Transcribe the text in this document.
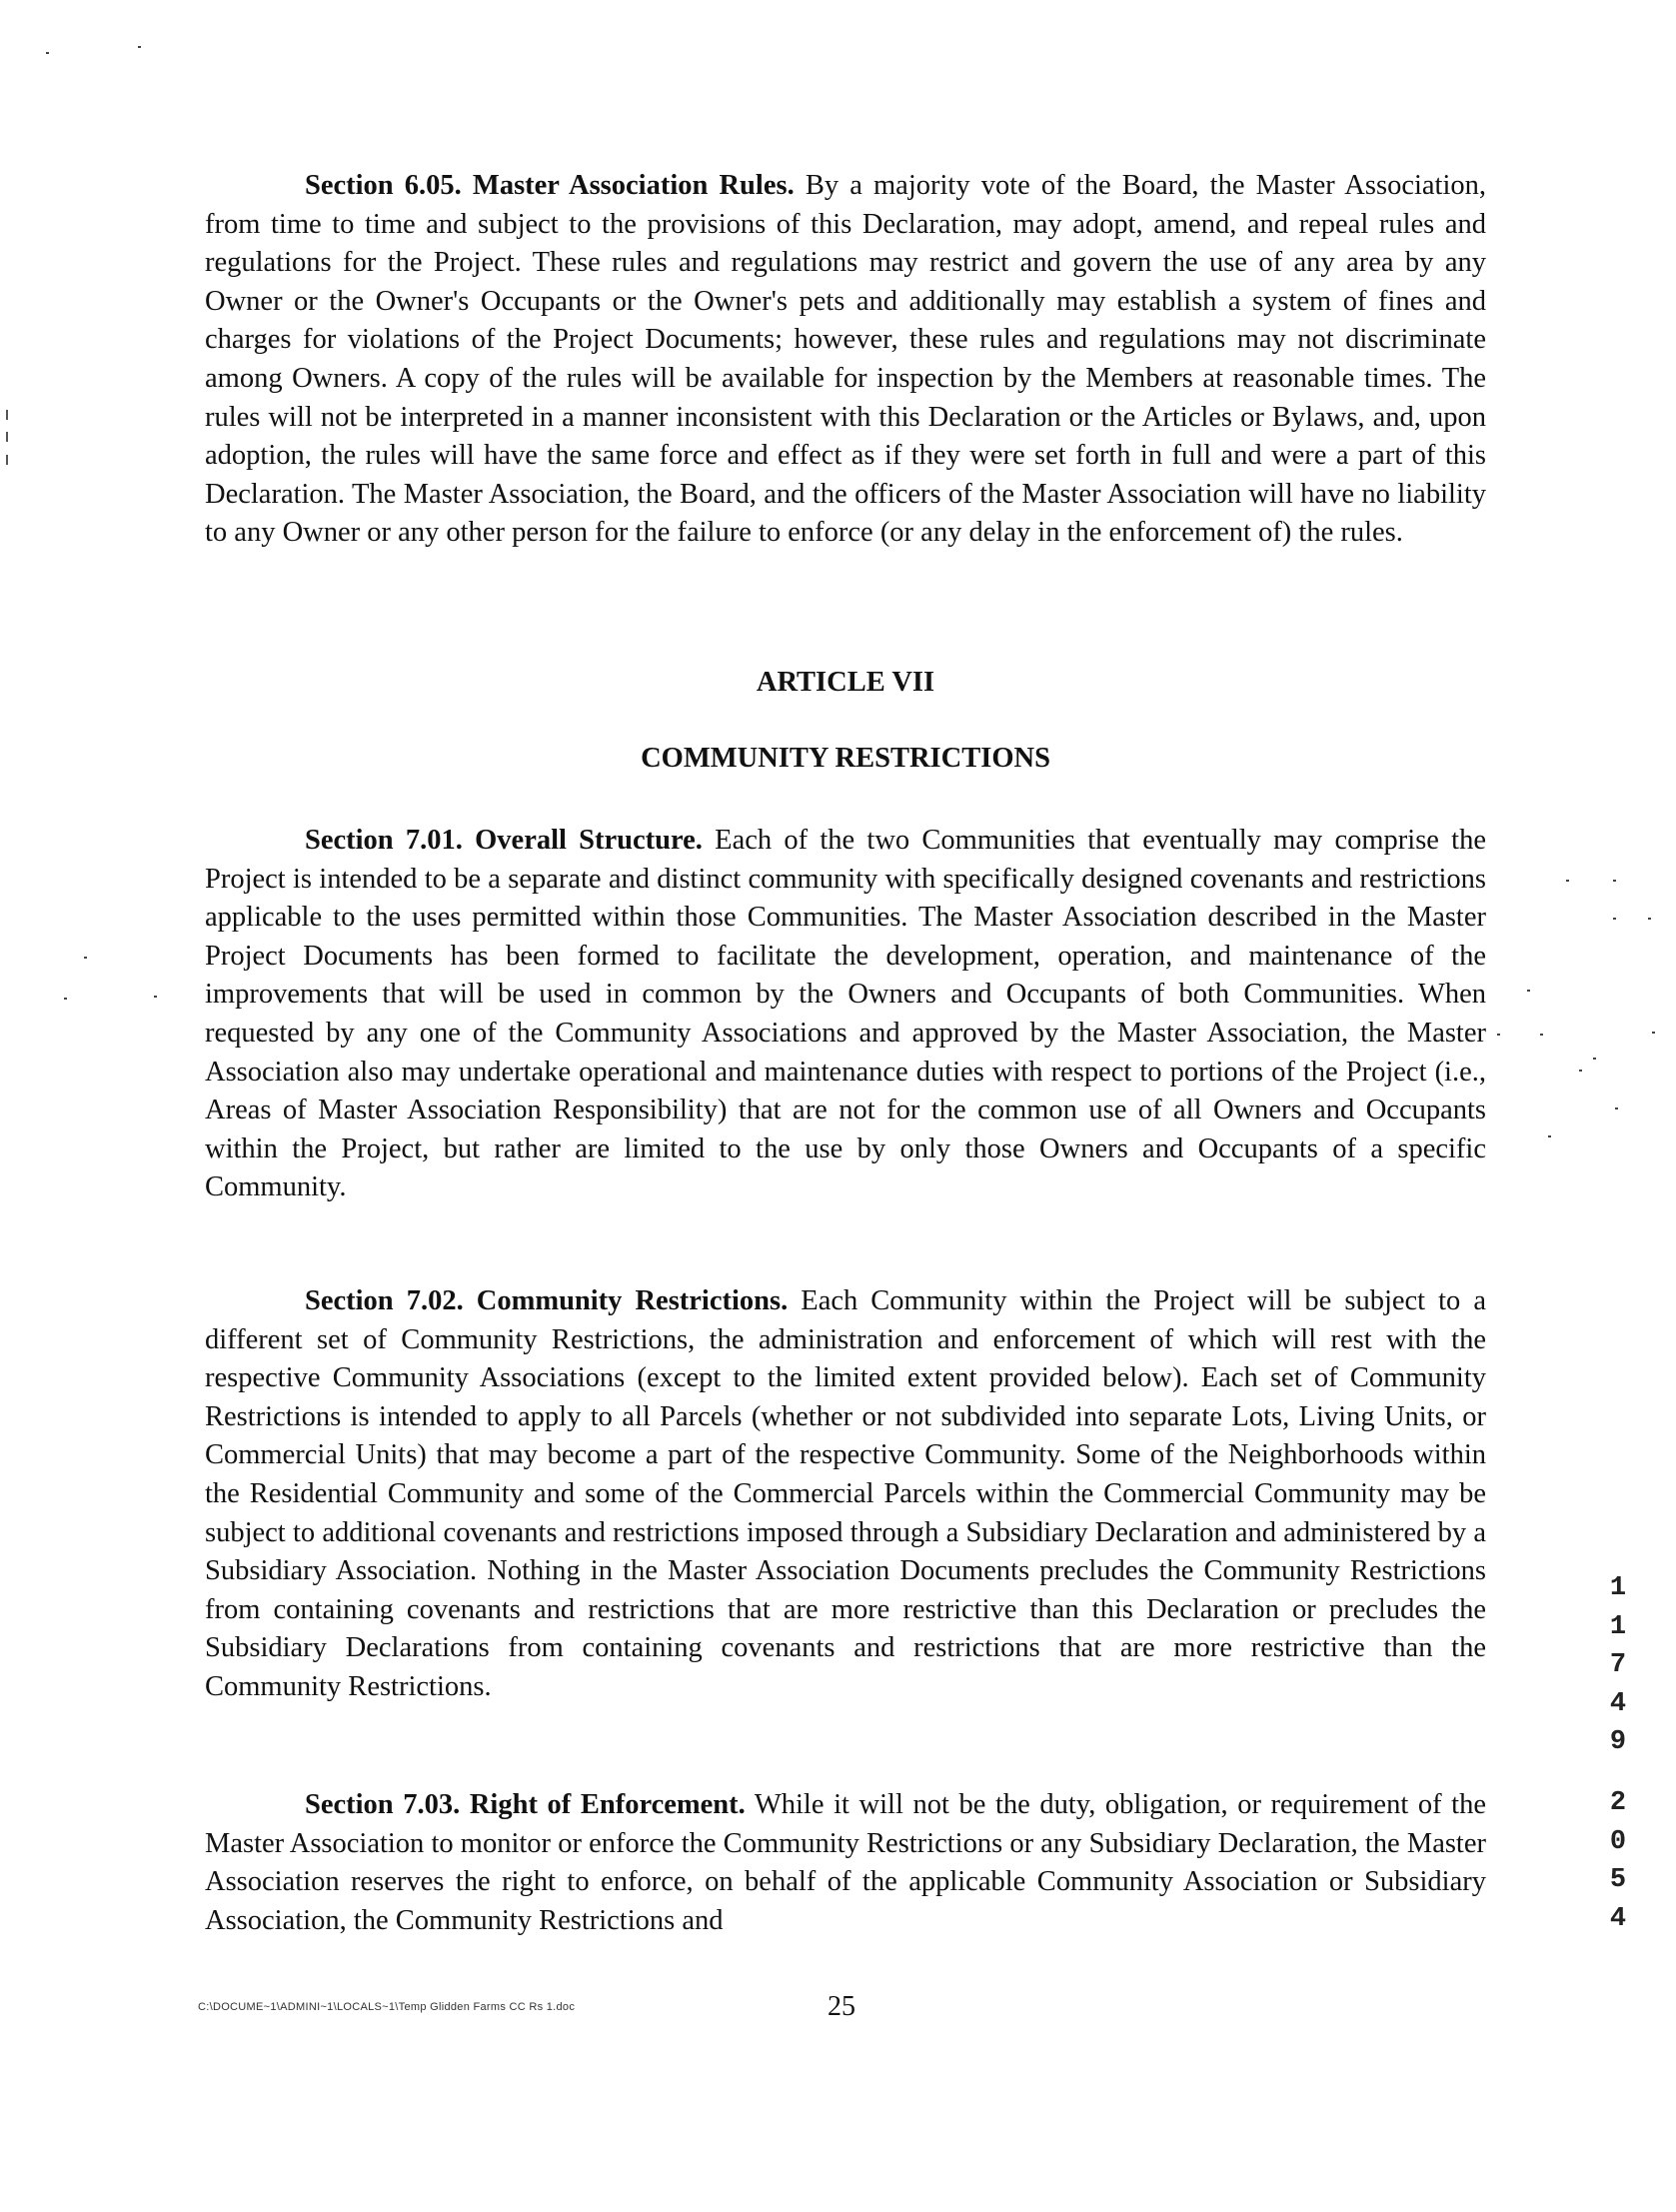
Section 6.05. Master Association Rules. By a majority vote of the Board, the Master Association, from time to time and subject to the provisions of this Declaration, may adopt, amend, and repeal rules and regulations for the Project. These rules and regulations may restrict and govern the use of any area by any Owner or the Owner's Occupants or the Owner's pets and additionally may establish a system of fines and charges for violations of the Project Documents; however, these rules and regulations may not discriminate among Owners. A copy of the rules will be available for inspection by the Members at reasonable times. The rules will not be interpreted in a manner inconsistent with this Declaration or the Articles or Bylaws, and, upon adoption, the rules will have the same force and effect as if they were set forth in full and were a part of this Declaration. The Master Association, the Board, and the officers of the Master Association will have no liability to any Owner or any other person for the failure to enforce (or any delay in the enforcement of) the rules.

ARTICLE VII

COMMUNITY RESTRICTIONS

Section 7.01. Overall Structure. Each of the two Communities that eventually may comprise the Project is intended to be a separate and distinct community with specifically designed covenants and restrictions applicable to the uses permitted within those Communities. The Master Association described in the Master Project Documents has been formed to facilitate the development, operation, and maintenance of the improvements that will be used in common by the Owners and Occupants of both Communities. When requested by any one of the Community Associations and approved by the Master Association, the Master Association also may undertake operational and maintenance duties with respect to portions of the Project (i.e., Areas of Master Association Responsibility) that are not for the common use of all Owners and Occupants within the Project, but rather are limited to the use by only those Owners and Occupants of a specific Community.

Section 7.02. Community Restrictions. Each Community within the Project will be subject to a different set of Community Restrictions, the administration and enforcement of which will rest with the respective Community Associations (except to the limited extent provided below). Each set of Community Restrictions is intended to apply to all Parcels (whether or not subdivided into separate Lots, Living Units, or Commercial Units) that may become a part of the respective Community. Some of the Neighborhoods within the Residential Community and some of the Commercial Parcels within the Commercial Community may be subject to additional covenants and restrictions imposed through a Subsidiary Declaration and administered by a Subsidiary Association. Nothing in the Master Association Documents precludes the Community Restrictions from containing covenants and restrictions that are more restrictive than this Declaration or precludes the Subsidiary Declarations from containing covenants and restrictions that are more restrictive than the Community Restrictions.

Section 7.03. Right of Enforcement. While it will not be the duty, obligation, or requirement of the Master Association to monitor or enforce the Community Restrictions or any Subsidiary Declaration, the Master Association reserves the right to enforce, on behalf of the applicable Community Association or Subsidiary Association, the Community Restrictions and

1
1
7
4
9
2
0
5
4
C:\DOCUME~1\ADMINI~1\LOCALS~1\Temp Glidden Farms CC Rs 1.doc	25
